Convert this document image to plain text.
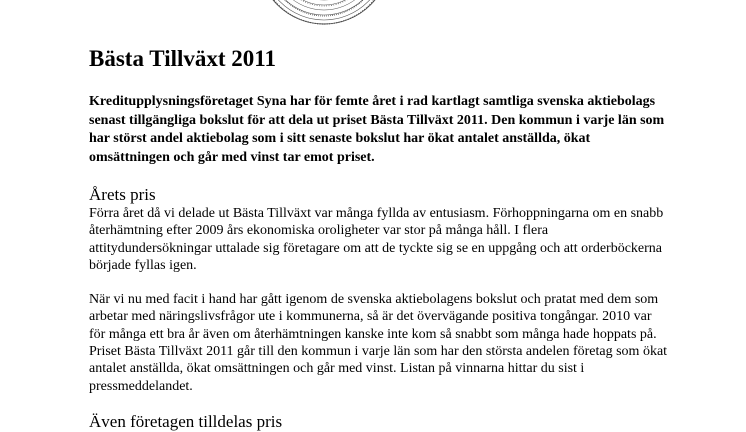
Bästa Tillväxt 2011

Kreditupplysningsföretaget Syna har för femte året i rad kartlagt samtliga svenska aktiebolags senast tillgängliga bokslut för att dela ut priset Bästa Tillväxt 2011. Den kommun i varje län som har störst andel aktiebolag som i sitt senaste bokslut har ökat antalet anställda, ökat omsättningen och går med vinst tar emot priset.

Årets pris

Förra året då vi delade ut Bästa Tillväxt var många fyllda av entusiasm. Förhoppningarna om en snabb återhämtning efter 2009 års ekonomiska oroligheter var stor på många håll. I flera attitydundersökningar uttalade sig företagare om att de tyckte sig se en uppgång och att orderböckerna började fyllas igen.

När vi nu med facit i hand har gått igenom de svenska aktiebolagens bokslut och pratat med dem som arbetar med näringslivsfrågor ute i kommunerna, så är det övervägande positiva tongångar. 2010 var för många ett bra år även om återhämtningen kanske inte kom så snabbt som många hade hoppats på. Priset Bästa Tillväxt 2011 går till den kommun i varje län som har den största andelen företag som ökat antalet anställda, ökat omsättningen och går med vinst. Listan på vinnarna hittar du sist i pressmeddelandet.

Även företagen tilldelas pris
